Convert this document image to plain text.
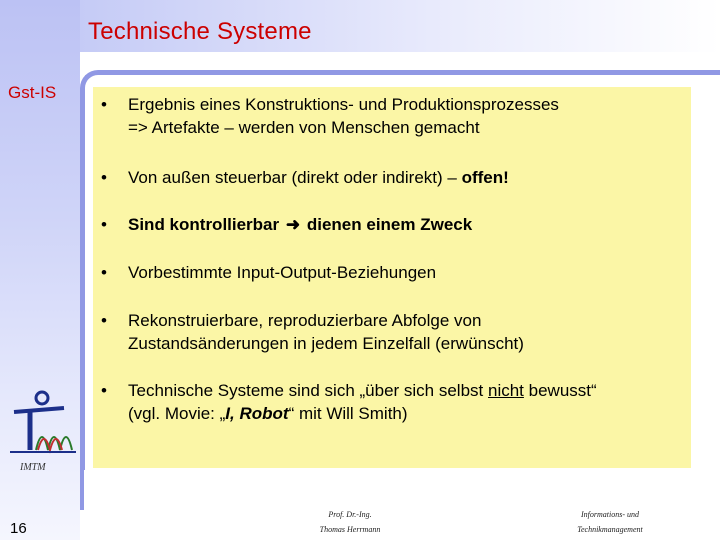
Technische Systeme
Gst-IS
• Ergebnis eines Konstruktions- und Produktionsprozesses
=> Artefakte – werden von Menschen gemacht
• Von außen steuerbar (direkt oder indirekt) – offen!
• Sind kontrollierbar ➜ dienen einem Zweck
• Vorbestimmte Input-Output-Beziehungen
• Rekonstruierbare, reproduzierbare Abfolge von
Zustandsänderungen in jedem Einzelfall (erwünscht)
• Technische Systeme sind sich „über sich selbst nicht bewusst“
(vgl. Movie: „I, Robot“ mit Will Smith)
IMTM
16
Prof. Dr.-Ing.
Thomas Herrmann
Informations- und
Technikmanagement
